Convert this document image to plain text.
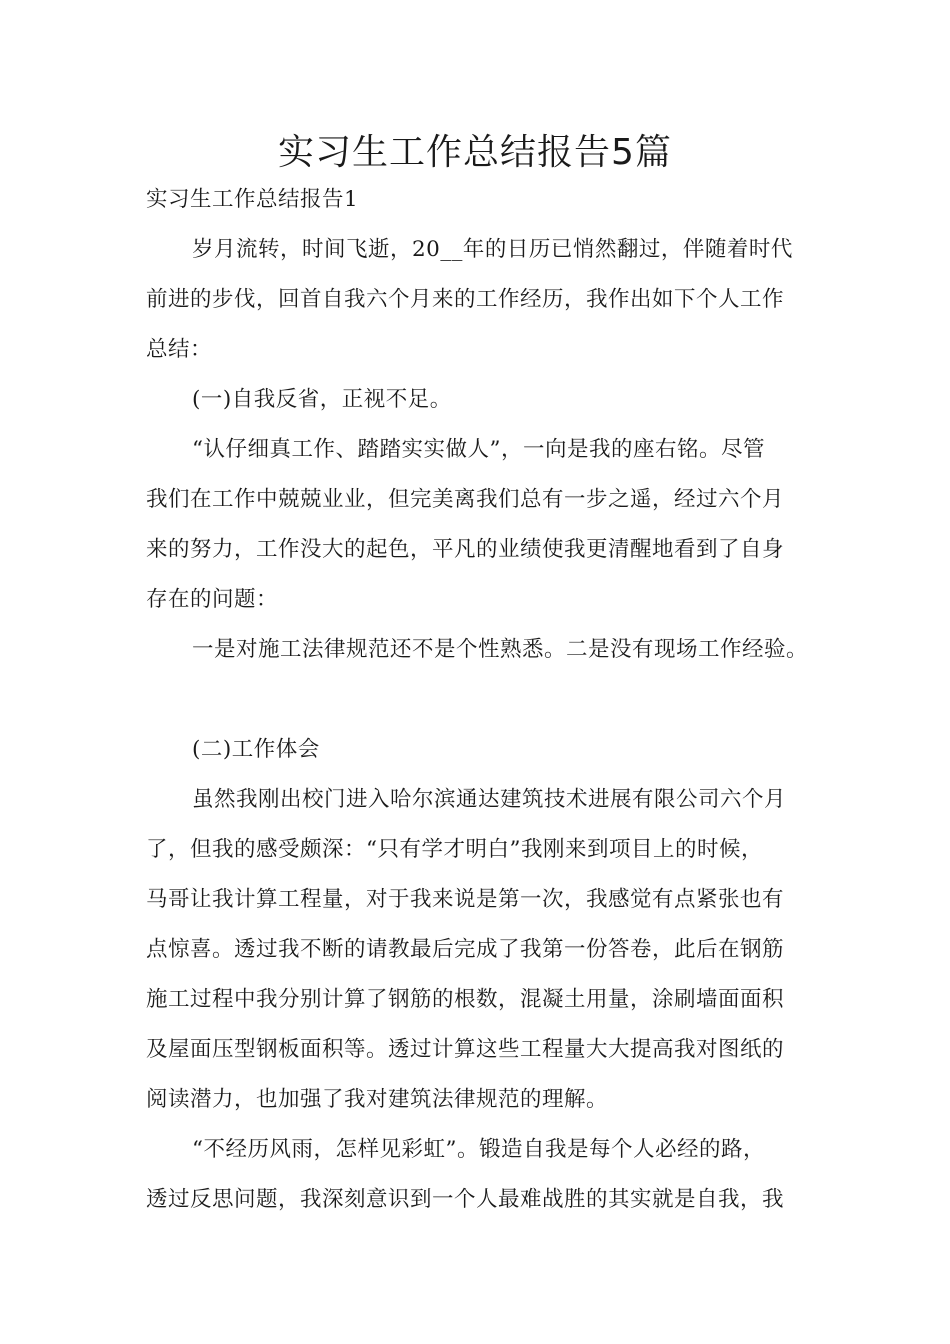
实习生工作总结报告5篇

实习生工作总结报告1

岁月流转，时间飞逝，20__年的日历已悄然翻过，伴随着时代

前进的步伐，回首自我六个月来的工作经历，我作出如下个人工作

总结：

(一)自我反省，正视不足。

“认仔细真工作、踏踏实实做人”，一向是我的座右铭。尽管

我们在工作中兢兢业业，但完美离我们总有一步之遥，经过六个月

来的努力，工作没大的起色，平凡的业绩使我更清醒地看到了自身

存在的问题：

一是对施工法律规范还不是个性熟悉。二是没有现场工作经验。

(二)工作体会

虽然我刚出校门进入哈尔滨通达建筑技术进展有限公司六个月

了，但我的感受颇深：“只有学才明白”我刚来到项目上的时候，

马哥让我计算工程量，对于我来说是第一次，我感觉有点紧张也有

点惊喜。透过我不断的请教最后完成了我第一份答卷，此后在钢筋

施工过程中我分别计算了钢筋的根数，混凝土用量，涂刷墙面面积

及屋面压型钢板面积等。透过计算这些工程量大大提高我对图纸的

阅读潜力，也加强了我对建筑法律规范的理解。

“不经历风雨，怎样见彩虹”。锻造自我是每个人必经的路，

透过反思问题，我深刻意识到一个人最难战胜的其实就是自我，我
